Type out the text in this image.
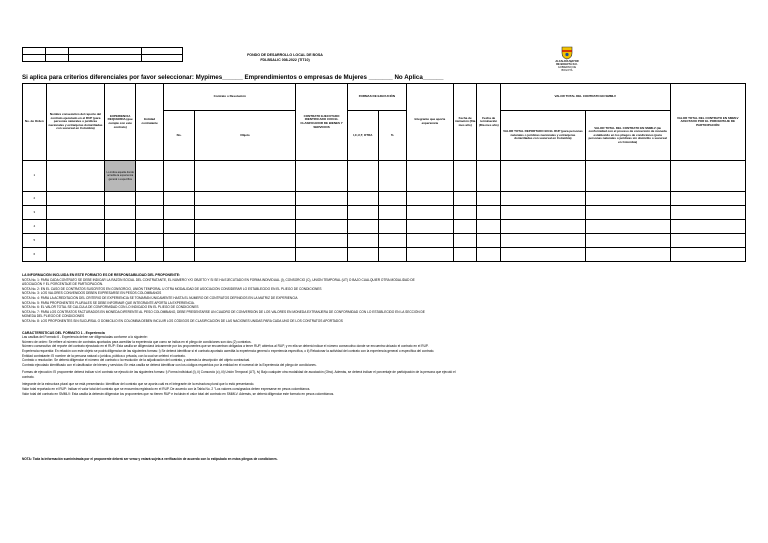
FONDO DE DESARROLLO LOCAL DE BOSA
FDLBSALIC 008-2022 (TIT10)	ALCALDÍA MAYOR
DE BOGOTÁ D.C.
GOBIERNO DE BOGOTÁ
Si aplica para criterios diferenciales por favor seleccionar: Mypimes______ Emprendimientos o empresas de Mujeres _______ No Aplica______
No. de Orden	Nombre consecutivo del reporte del contrato ejecutado en el RUP (para personas naturales o jurídicas nacionales y extranjeras domiciliadas con sucursal en Colombia)	EXPERIENCIA REQUERIDA (que cumple con este contrato)	Entidad contratante	Contrato o Resolución		CONTRATO EJECUTADO IDENTIFICADO CON EL CLASIFICADOR DE BIENES Y SERVICIOS	FORMAS DE EJECUCIÓN		Integrante que aporta experiencia	Fecha de iniciación (Día mes año)	Fecha de terminación (Día mes año)	VALOR TOTAL DEL CONTRATO EN SMMLV		VALOR TOTAL DEL CONTRATO EN SMMLV AFECTADO POR EL PORCENTAJE DE PARTICIPACIÓN
				No.	Objeto		I,C,U,T, OTRA	%				VALOR TOTAL REPORTADO EN EL RUP (para personas naturales o jurídicas nacionales y extranjeras domiciliadas con sucursal en Colombia)	VALOR TOTAL DEL CONTRATO EN SMMLV (de conformidad con el proceso de conversión de moneda establecido en los pliegos de condiciones (para personas naturales o jurídicas sin domicilio o sucursal en Colombia)	
1		Lo indica aquella donde acredita la experiencia general o específica												
2														
3														
4														
5														
6														

LA INFORMACIÓN INCLUIDA EN ESTE FORMATO ES DE RESPONSABILIDAD DEL PROPONENTE:

NOTA No. 1: PARA CADA CONTRATO SE DEBE INDICAR LA RAZÓN SOCIAL DEL CONTRATANTE, EL NÚMERO Y/O OBJETO Y SI SE HA EJECUTADO EN FORMA INDIVIDUAL (I), CONSORCIO (C), UNIÓN TEMPORAL (UT) O BAJO CUALQUIER OTRA MODALIDAD DE

ASOCIACIÓN Y EL PORCENTAJE DE PARTICIPACIÓN.

NOTA No. 2: EN EL CASO DE CONTRATOS SUSCRITOS EN CONSORCIO, UNIÓN TEMPORAL U OTRA MODALIDAD DE ASOCIACIÓN CONSIDERAR LO ESTABLECIDO EN EL PLIEGO DE CONDICIONES

NOTA No. 3: LOS VALORES CONVENIDOS DEBEN EXPRESARSE EN PESOS COLOMBIANOS

NOTA No. 4: PARA LA ACREDITACIÓN DEL CRITERIO DE EXPERIENCIA SE TOMARÁN ÚNICAMENTE HASTA EL NÚMERO DE CONTRATOS DEFINIDOS EN LA MATRIZ DE EXPERIENCIA

NOTA No. 5: PARA PROPONENTES PLURALES SE DEBE INFORMAR QUE INTEGRANTE APORTA LA EXPERIENCIA.

NOTA No. 6: EL VALOR TOTAL SE CALCULA DE CONFORMIDAD CON LO INDICADO EN EL PLIEGO DE CONDICIONES

NOTA No. 7: PARA LOS CONTRATOS FACTURADOS EN MONEDA DIFERENTE AL PESO COLOMBIANO, DEBE PRESENTARSE UN CUADRO DE CONVERSIÓN DE LOS VALORES EN MONEDA EXTRANJERA DE CONFORMIDAD CON LO ESTABLECIDO EN LA SECCIÓN DE

MONEDA DEL PLIEGO DE CONDICIONES

NOTA No. 8: LOS PROPONENTES SIN SUCURSAL O DOMICILIO EN COLOMBIA DEBEN INCLUIR LOS CÓDIGOS DE CLASIFICACIÓN DE LAS NACIONES UNIDAS PARA CADA UNO DE LOS CONTRATOS APORTADOS

CARACTERÍSTICAS DEL FORMATO 1 - Experiencia

Las casillas del Formato 6 - Experiencia deben ser diligenciadas conforme a lo siguiente:

Número de orden: Se refiere al número de contratos aportados para acreditar la experiencia que como se indica en el pliego de condiciones son dos (2) contratos.

Número consecutivo del reporte del contrato ejecutado en el RUP: Esta casilla se diligenciará únicamente por los proponentes que se encuentran obligados a tener RUP, abiertos al RUP, y en ella se deberá indicar el número consecutivo donde se encuentra ubicado el contrato en el RUP.

Experiencia requerida: En relación con este objeto se podrá diligenciar de las siguientes formas: i) Se deberá identificar si el contrato aportado acredita la experiencia general o experiencia específica, o ii) Relacionar la actividad del contrato con la experiencia general o específica del contrato.

Entidad contratante: El nombre de la persona natural o jurídica, pública o privada, con la cual se celebró el contrato.

Contrato o resolución: Se deberá diligenciar el número del contrato o la resolución de la adjudicación del contrato, y además la descripción del objeto contractual.

Contrato ejecutado identificado con el clasificador de bienes y servicios: En esta casilla se deberá identificar con los códigos requeridos por la entidad en el numeral de la Experiencia del pliego de condiciones.

Formas de ejecución: El proponente deberá indicar si el contrato se ejecutó de las siguientes formas: i) Forma individual (I), ii) Consorcio (c), iii) Unión Temporal (UT), iv) Bajo cualquier otra modalidad de asociación (Otra). Además, se deberá indicar el porcentaje de participación de la persona que ejecutó el

contrato.

Integrante de la estructura plural que se está presentando: Identificar del contrato que se aporta cuál es el integrante de la estructura plural que lo está presentando.

Valor total reportado en el RUP: Indicar el valor total del contrato que se encuentra registrado en el RUP. De acuerdo con la Tabla No. 2 "Los valores consignados deben expresarse en pesos colombianos.

Valor total del contrato en SMMLV: Esta casilla la deberán diligenciar los proponentes que no tienen RUP e incluirán el valor total del contrato en SMMLV. Además, se deberá diligenciar este formato en pesos colombianos.

NOTA: Toda la información suministrada por el proponente deberá ser veraz y estará sujeta a verificación de acuerdo con lo estipulado en estos pliegos de condiciones.
